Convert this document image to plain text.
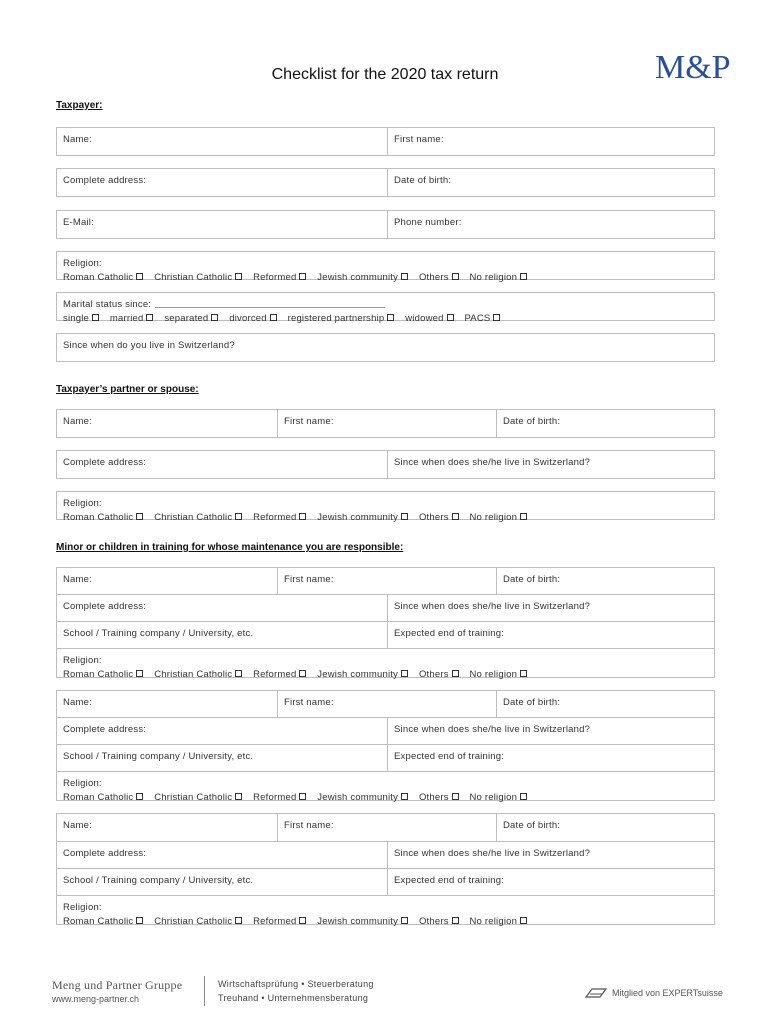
M&P
Checklist for the 2020 tax return
Taxpayer:
Name:	First name:
Complete address:	Date of birth:
E-Mail:	Phone number:
Religion:
Roman Catholic Christian Catholic Reformed Jewish community Others No religion
Marital status since:
single married separated divorced registered partnership widowed PACS
Since when do you live in Switzerland?
Taxpayer’s partner or spouse:
Name:	First name:	Date of birth:
Complete address:	Since when does she/he live in Switzerland?
Religion:
Roman Catholic Christian Catholic Reformed Jewish community Others No religion
Minor or children in training for whose maintenance you are responsible:
Name:	First name:	Date of birth:
Complete address:	Since when does she/he live in Switzerland?
School / Training company / University, etc.	Expected end of training:
Religion:
Roman Catholic Christian Catholic Reformed Jewish community Others No religion
Name:	First name:	Date of birth:
Complete address:	Since when does she/he live in Switzerland?
School / Training company / University, etc.	Expected end of training:
Religion:
Roman Catholic Christian Catholic Reformed Jewish community Others No religion
Name:	First name:	Date of birth:
Complete address:	Since when does she/he live in Switzerland?
School / Training company / University, etc.	Expected end of training:
Religion:
Roman Catholic Christian Catholic Reformed Jewish community Others No religion
Meng und Partner Gruppe
www.meng-partner.ch
Wirtschaftsprüfung • Steuerberatung
Treuhand • Unternehmensberatung	Mitglied von EXPERTsuisse
